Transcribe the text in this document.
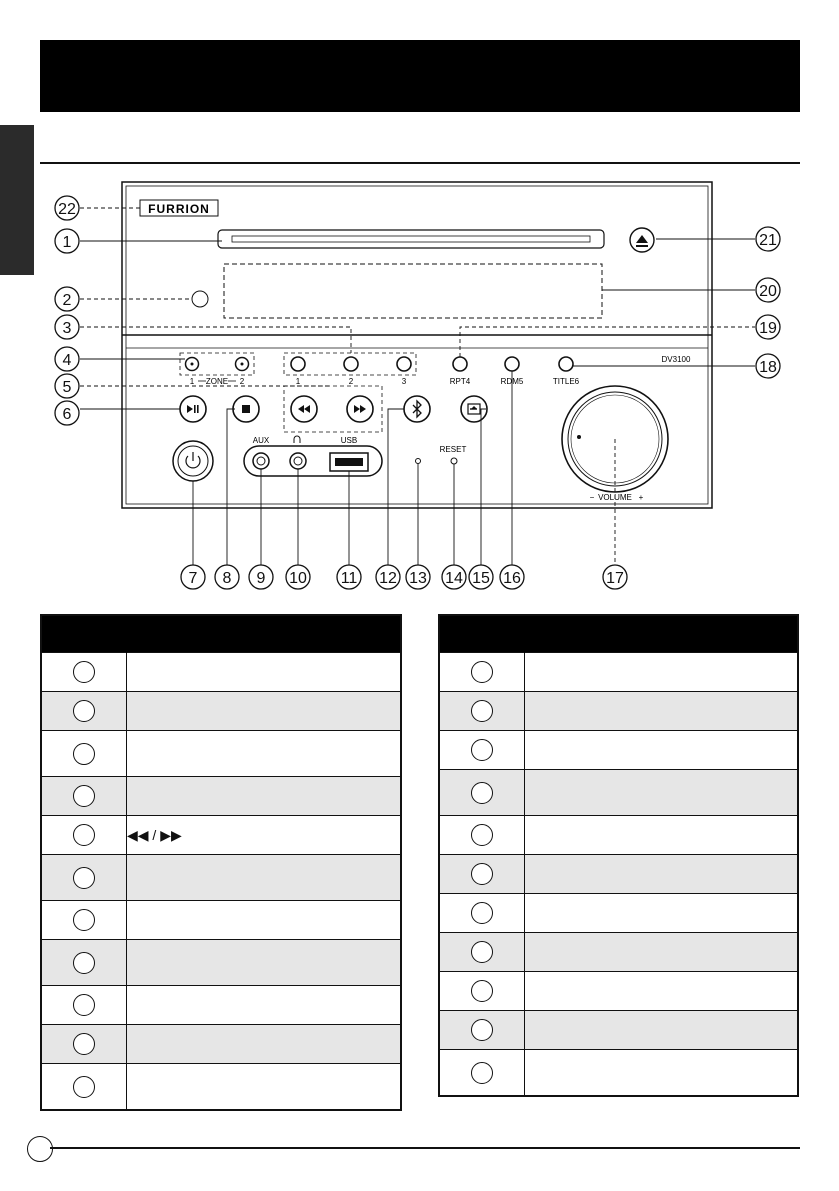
FURRION
1 ZONE 2	1	2	3	RPT4	RDM5	TITLE6
DV3100
AUX	USB
RESET
− VOLUME +
22
1
2
3
4
5
6
21
20
19
18
7 8 9 10 11 12 13 14 15 16	17

	◀◀ / ▶▶
